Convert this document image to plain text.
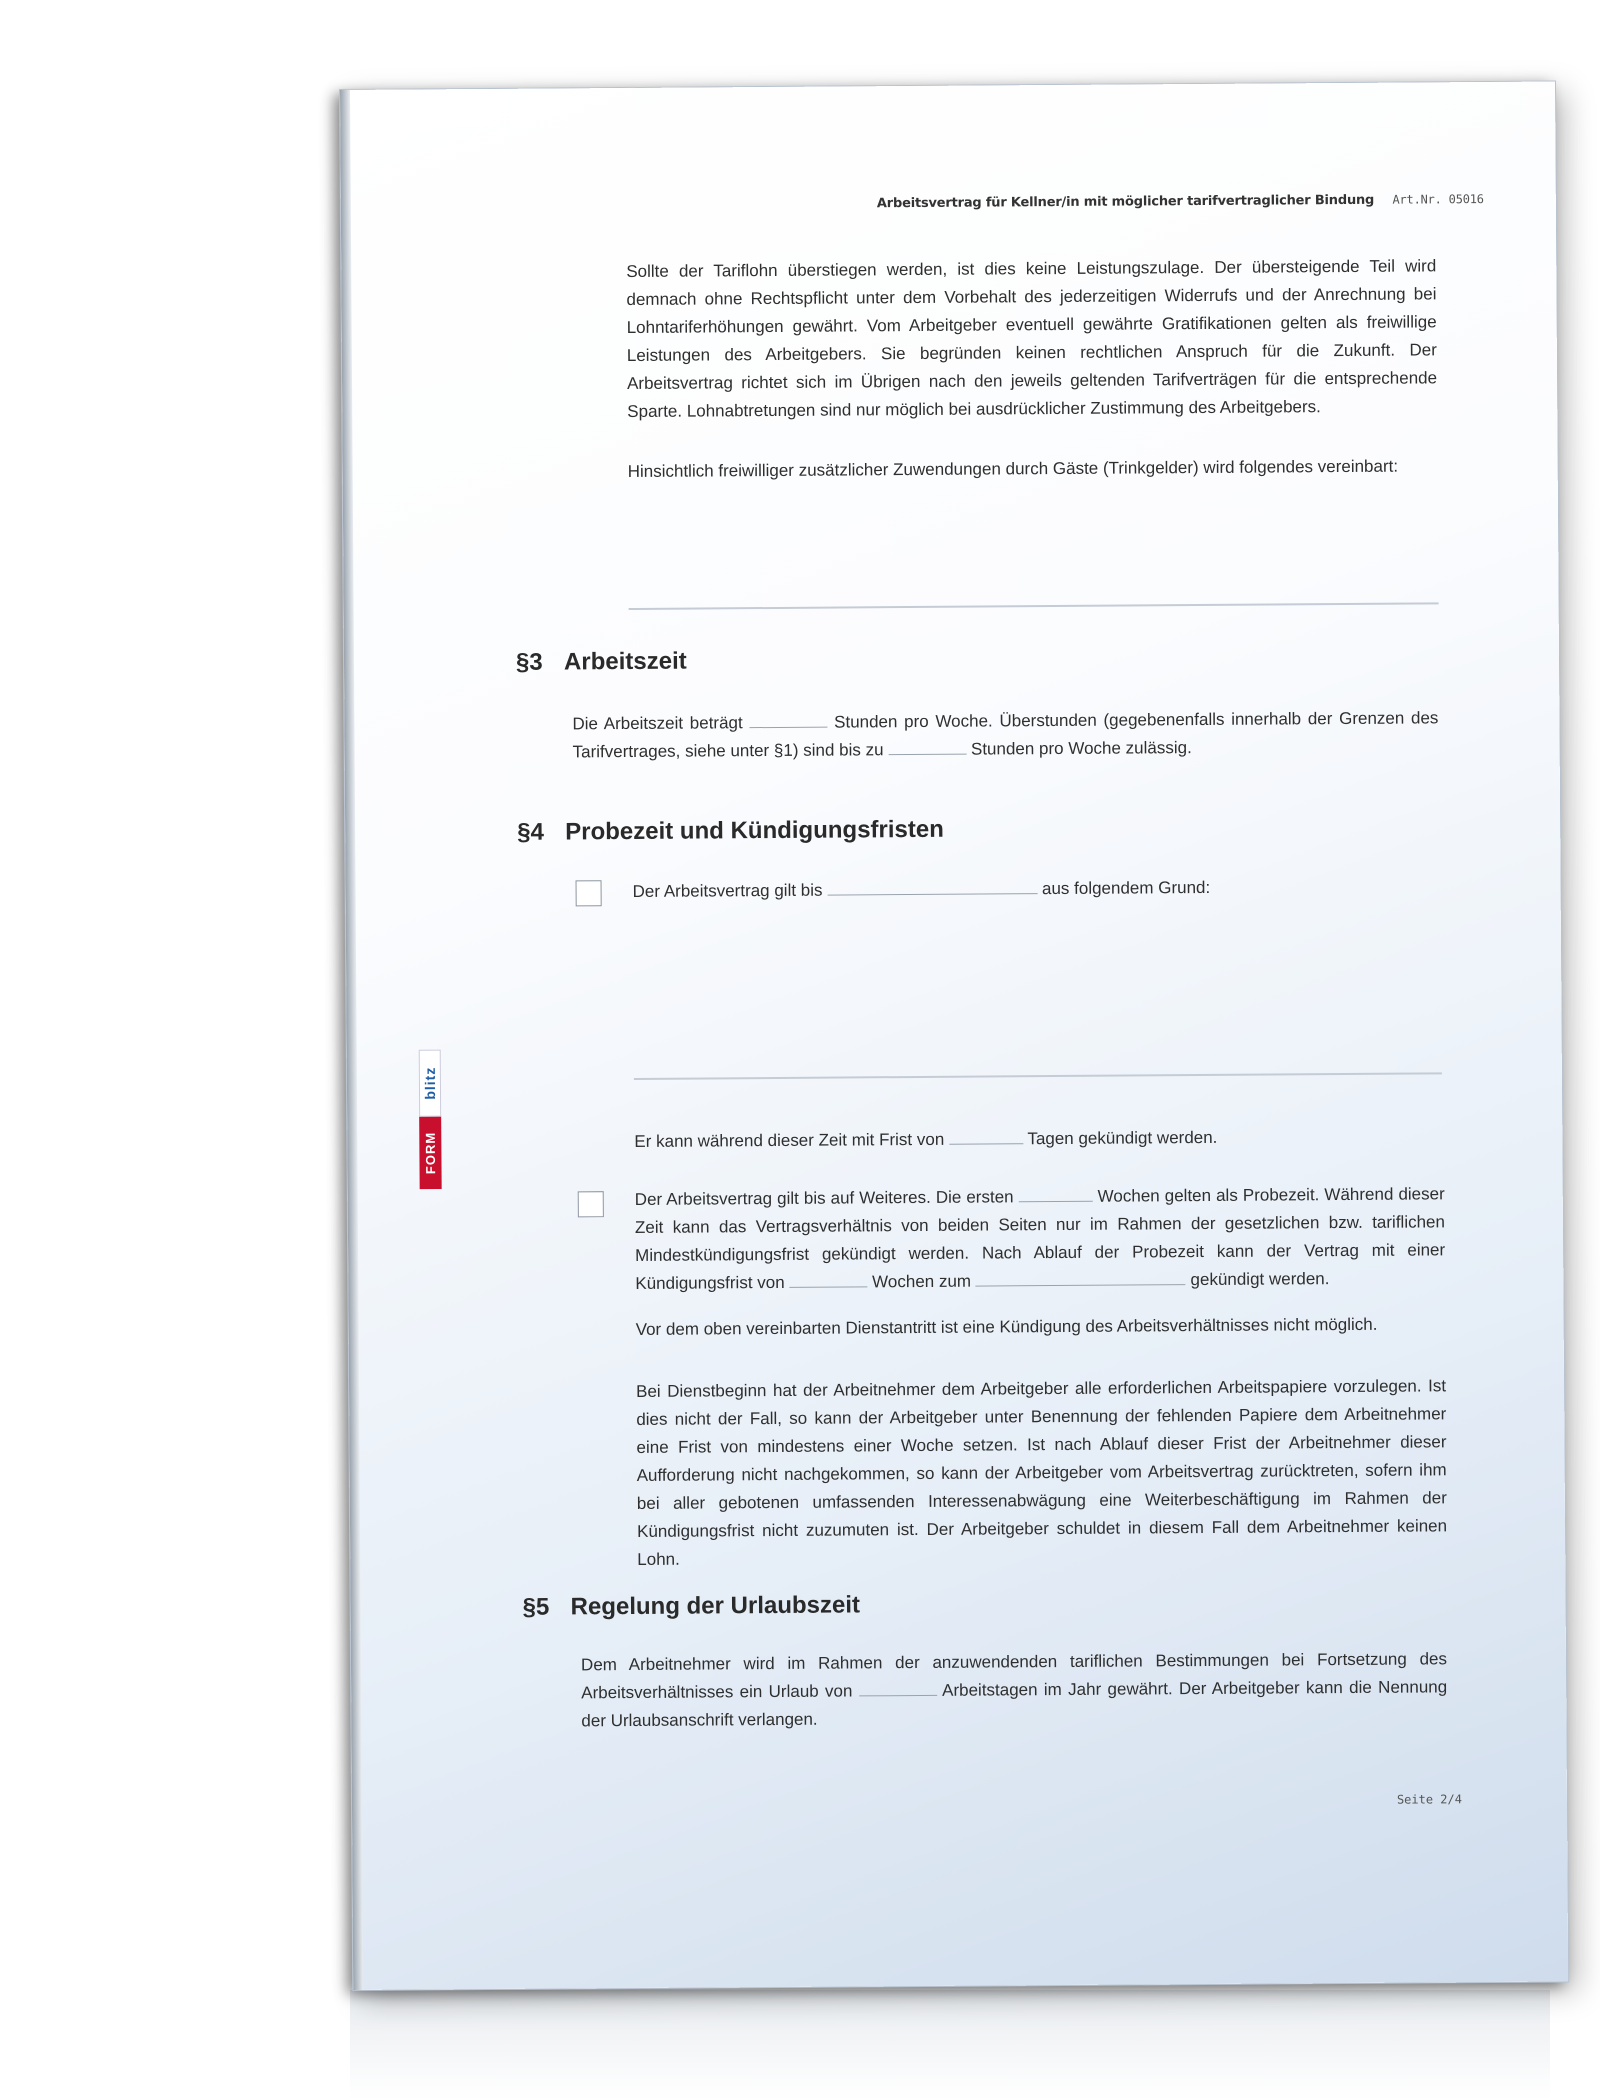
Arbeitsvertrag für Kellner/in mit möglicher tarifvertraglicher Bindung Art.Nr. 05016
FORM
blitz
Sollte der Tariflohn überstiegen werden, ist dies keine Leistungszulage. Der übersteigende Teil wird demnach ohne Rechtspflicht unter dem Vorbehalt des jederzeitigen Widerrufs und der Anrechnung bei Lohntariferhöhungen gewährt. Vom Arbeitgeber eventuell gewährte Gratifikationen gelten als freiwillige Leistungen des Arbeitgebers. Sie begründen keinen rechtlichen Anspruch für die Zukunft. Der Arbeitsvertrag richtet sich im Übrigen nach den jeweils geltenden Tarifverträgen für die entsprechende Sparte. Lohnabtretungen sind nur möglich bei ausdrücklicher Zustimmung des Arbeitgebers.
Hinsichtlich freiwilliger zusätzlicher Zuwendungen durch Gäste (Trinkgelder) wird folgendes vereinbart:
§3 Arbeitszeit
Die Arbeitszeit beträgt	Stunden pro Woche. Überstunden (gegebenenfalls innerhalb der Grenzen des Tarifvertrages, siehe unter §1) sind bis zu	Stunden pro Woche zulässig.
§4 Probezeit und Kündigungsfristen
Der Arbeitsvertrag gilt bis	aus folgendem Grund:
Er kann während dieser Zeit mit Frist von	Tagen gekündigt werden.
Der Arbeitsvertrag gilt bis auf Weiteres. Die ersten	Wochen gelten als Probezeit. Während dieser Zeit kann das Vertragsverhältnis von beiden Seiten nur im Rahmen der gesetzlichen bzw. tariflichen Mindestkündigungsfrist gekündigt werden. Nach Ablauf der Probezeit kann der Vertrag mit einer Kündigungsfrist von	Wochen zum	gekündigt werden.
Vor dem oben vereinbarten Dienstantritt ist eine Kündigung des Arbeitsverhältnisses nicht möglich.
Bei Dienstbeginn hat der Arbeitnehmer dem Arbeitgeber alle erforderlichen Arbeitspapiere vorzulegen. Ist dies nicht der Fall, so kann der Arbeitgeber unter Benennung der fehlenden Papiere dem Arbeitnehmer eine Frist von mindestens einer Woche setzen. Ist nach Ablauf dieser Frist der Arbeitnehmer dieser Aufforderung nicht nachgekommen, so kann der Arbeitgeber vom Arbeitsvertrag zurücktreten, sofern ihm bei aller gebotenen umfassenden Interessenabwägung eine Weiterbeschäftigung im Rahmen der Kündigungsfrist nicht zuzumuten ist. Der Arbeitgeber schuldet in diesem Fall dem Arbeitnehmer keinen Lohn.
§5 Regelung der Urlaubszeit
Dem Arbeitnehmer wird im Rahmen der anzuwendenden tariflichen Bestimmungen bei Fortsetzung des Arbeitsverhältnisses ein Urlaub von	Arbeitstagen im Jahr gewährt. Der Arbeitgeber kann die Nennung der Urlaubsanschrift verlangen.
Seite 2/4
